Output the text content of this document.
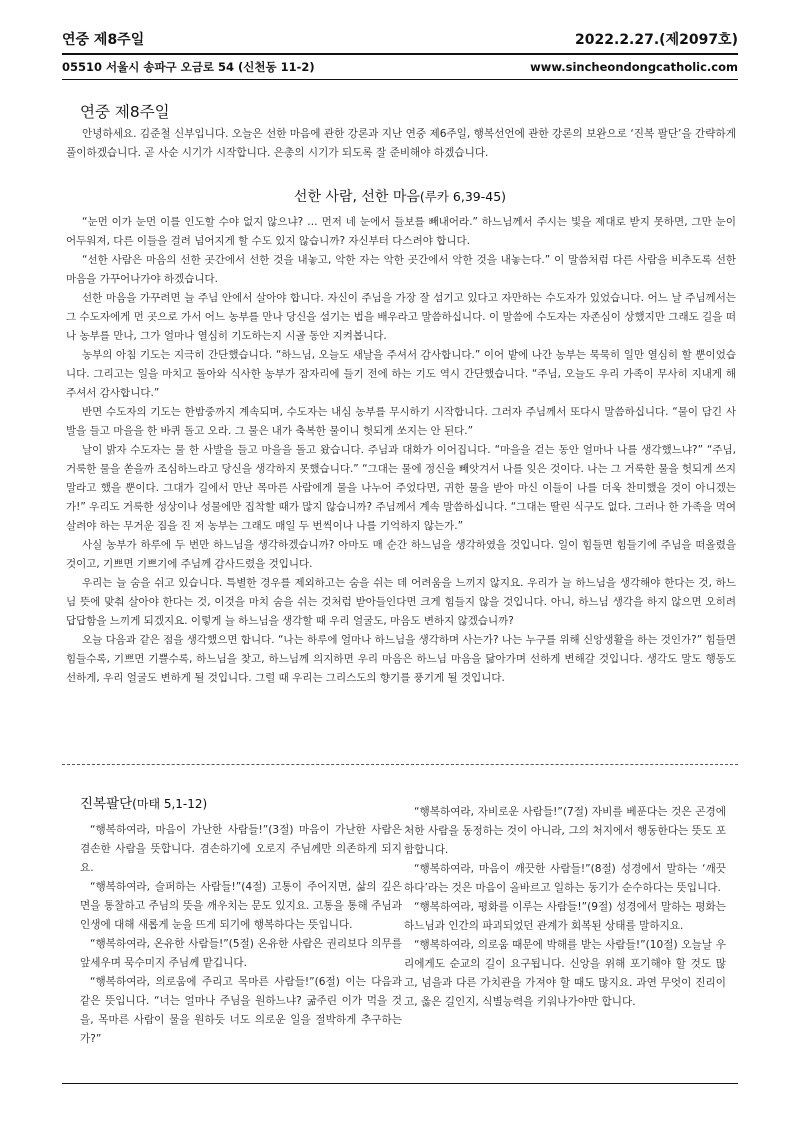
연중 제8주일	2022.2.27.(제2097호)
05510 서울시 송파구 오금로 54 (신천동 11-2)	www.sincheondongcatholic.com
연중 제8주일

안녕하세요. 김준철 신부입니다. 오늘은 선한 마음에 관한 강론과 지난 연중 제6주일, 행복선언에 관한 강론의 보완으로 ‘진복 팔단’을 간략하게 풀이하겠습니다. 곧 사순 시기가 시작합니다. 은총의 시기가 되도록 잘 준비해야 하겠습니다.

선한 사람, 선한 마음(루카 6,39-45)

“눈먼 이가 눈먼 이를 인도할 수야 없지 않으냐? … 먼저 네 눈에서 들보를 빼내어라.” 하느님께서 주시는 빛을 제대로 받지 못하면, 그만 눈이 어두워져, 다른 이들을 걸려 넘어지게 할 수도 있지 않습니까? 자신부터 다스려야 합니다.

“선한 사람은 마음의 선한 곳간에서 선한 것을 내놓고, 악한 자는 악한 곳간에서 악한 것을 내놓는다.” 이 말씀처럼 다른 사람을 비추도록 선한 마음을 가꾸어나가야 하겠습니다.

선한 마음을 가꾸려면 늘 주님 안에서 살아야 합니다. 자신이 주님을 가장 잘 섬기고 있다고 자만하는 수도자가 있었습니다. 어느 날 주님께서는 그 수도자에게 먼 곳으로 가서 어느 농부를 만나 당신을 섬기는 법을 배우라고 말씀하십니다. 이 말씀에 수도자는 자존심이 상했지만 그래도 길을 떠나 농부를 만나, 그가 얼마나 열심히 기도하는지 시골 동안 지켜봅니다.

농부의 아침 기도는 지극히 간단했습니다. “하느님, 오늘도 새날을 주셔서 감사합니다.” 이어 밭에 나간 농부는 묵묵히 일만 열심히 할 뿐이었습니다. 그리고는 일을 마치고 돌아와 식사한 농부가 잠자리에 들기 전에 하는 기도 역시 간단했습니다. “주님, 오늘도 우리 가족이 무사히 지내게 해주셔서 감사합니다.”

반면 수도자의 기도는 한밤중까지 계속되며, 수도자는 내심 농부를 무시하기 시작합니다. 그러자 주님께서 또다시 말씀하십니다. “물이 담긴 사발을 들고 마을을 한 바퀴 돌고 오라. 그 물은 내가 축복한 물이니 헛되게 쏘지는 안 된다.”

날이 밝자 수도자는 물 한 사발을 들고 마을을 돌고 왔습니다. 주님과 대화가 이어집니다. “마을을 걷는 동안 얼마나 나를 생각했느냐?” “주님, 거룩한 물을 쏟을까 조심하느라고 당신을 생각하지 못했습니다.” “그대는 물에 정신을 빼앗겨서 나를 잊은 것이다. 나는 그 거룩한 물을 헛되게 쓰지 말라고 했을 뿐이다. 그대가 길에서 만난 목마른 사람에게 물을 나누어 주었다면, 귀한 물을 받아 마신 이들이 나를 더욱 찬미했을 것이 아니겠는가!” 우리도 거룩한 성상이나 성물에만 집착할 때가 많지 않습니까? 주님께서 계속 말씀하십니다. “그대는 딸린 식구도 없다. 그러나 한 가족을 먹여 살려야 하는 무거운 짐을 진 저 농부는 그래도 매일 두 번씩이나 나를 기억하지 않는가.”

사실 농부가 하루에 두 번만 하느님을 생각하겠습니까? 아마도 매 순간 하느님을 생각하였을 것입니다. 일이 힘들면 힘들기에 주님을 떠올렸을 것이고, 기쁘면 기쁘기에 주님께 감사드렸을 것입니다.

우리는 늘 숨을 쉬고 있습니다. 특별한 경우를 제외하고는 숨을 쉬는 데 어려움을 느끼지 않지요. 우리가 늘 하느님을 생각해야 한다는 것, 하느님 뜻에 맞춰 살아야 한다는 것, 이것을 마치 숨을 쉬는 것처럼 받아들인다면 크게 힘들지 않을 것입니다. 아니, 하느님 생각을 하지 않으면 오히려 답답함을 느끼게 되겠지요. 이렇게 늘 하느님을 생각할 때 우리 얼굴도, 마음도 변하지 않겠습니까?

오늘 다음과 같은 점을 생각했으면 합니다. “나는 하루에 얼마나 하느님을 생각하며 사는가? 나는 누구를 위해 신앙생활을 하는 것인가?” 힘들면 힘들수록, 기쁘면 기쁠수록, 하느님을 찾고, 하느님께 의지하면 우리 마음은 하느님 마음을 닮아가며 선하게 변해갈 것입니다. 생각도 말도 행동도 선하게, 우리 얼굴도 변하게 될 것입니다. 그럴 때 우리는 그리스도의 향기를 풍기게 될 것입니다.

진복팔단(마태 5,1-12)

“행복하여라, 마음이 가난한 사람들!”(3절) 마음이 가난한 사람은 겸손한 사람을 뜻합니다. 겸손하기에 오로지 주님께만 의존하게 되지요.

“행복하여라, 슬퍼하는 사람들!”(4절) 고통이 주어지면, 삶의 깊은 면을 통찰하고 주님의 뜻을 깨우치는 문도 있지요. 고통을 통해 주님과 인생에 대해 새롭게 눈을 뜨게 되기에 행복하다는 뜻입니다.

“행복하여라, 온유한 사람들!”(5절) 온유한 사람은 권리보다 의무를 앞세우며 묵수미지 주님께 맡깁니다.

“행복하여라, 의로움에 주리고 목마른 사람들!”(6절) 이는 다음과 같은 뜻입니다. “너는 얼마나 주님을 원하느냐? 굶주린 이가 먹을 것을, 목마른 사람이 물을 원하듯 너도 의로운 일을 절박하게 추구하는가?”

“행복하여라, 자비로운 사람들!”(7절) 자비를 베푼다는 것은 곤경에 처한 사람을 동정하는 것이 아니라, 그의 처지에서 행동한다는 뜻도 포함합니다.

“행복하여라, 마음이 깨끗한 사람들!”(8절) 성경에서 말하는 ‘깨끗하다’라는 것은 마음이 올바르고 일하는 동기가 순수하다는 뜻입니다.

“행복하여라, 평화를 이루는 사람들!”(9절) 성경에서 말하는 평화는 하느님과 인간의 파괴되었던 관계가 회복된 상태를 말하지요.

“행복하여라, 의로움 때문에 박해를 받는 사람들!”(10절) 오늘날 우리에게도 순교의 길이 요구됩니다. 신앙을 위해 포기해야 할 것도 많고, 넘을과 다른 가치관을 가져야 할 때도 많지요. 과연 무엇이 진리이고, 옳은 길인지, 식별능력을 키워나가야만 합니다.
